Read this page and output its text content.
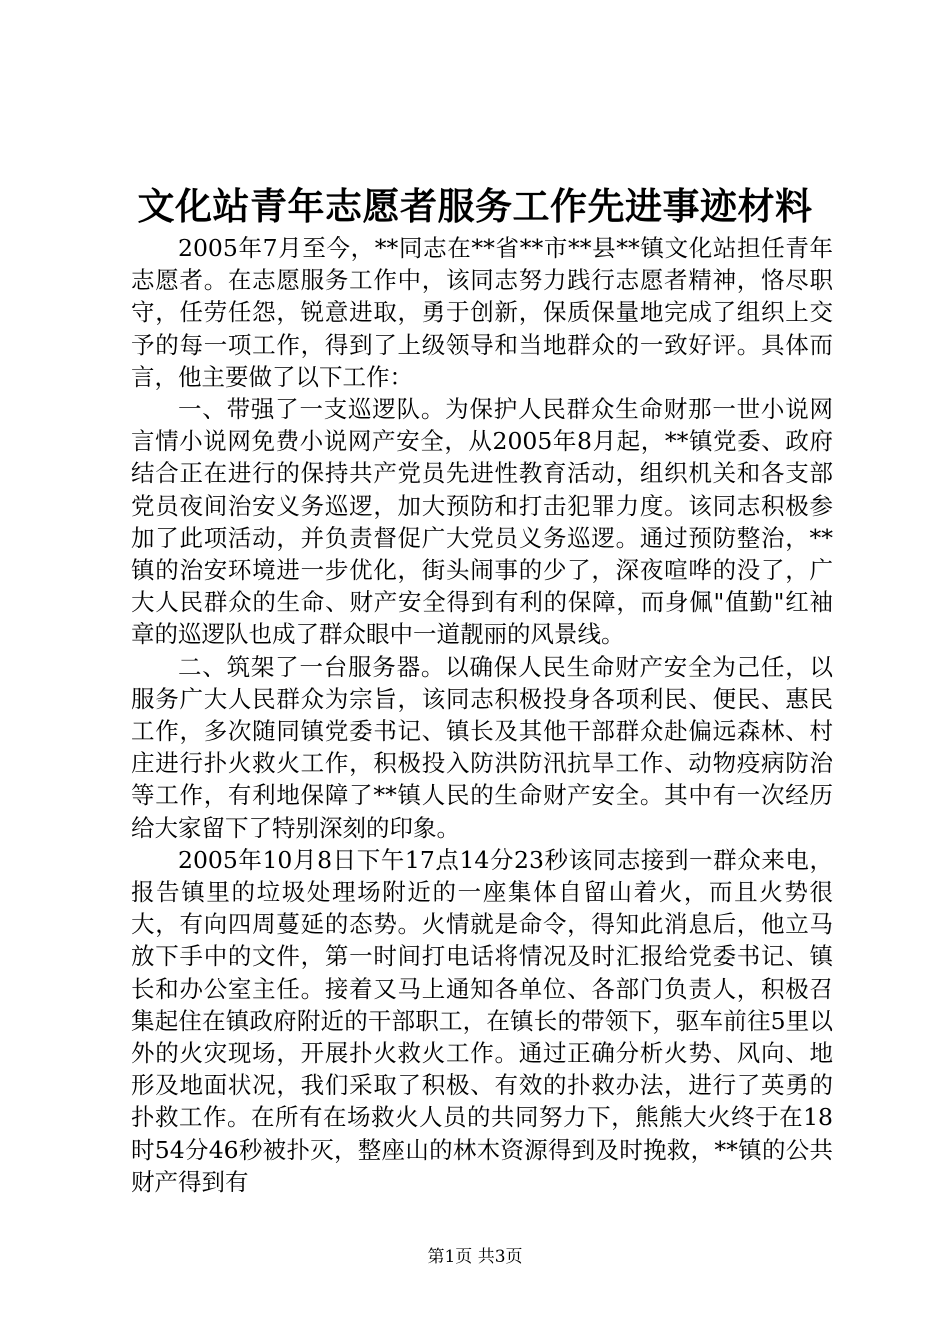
文化站青年志愿者服务工作先进事迹材料

2005年7月至今，**同志在**省**市**县**镇文化站担任青年志愿者。在志愿服务工作中，该同志努力践行志愿者精神，恪尽职守，任劳任怨，锐意进取，勇于创新，保质保量地完成了组织上交予的每一项工作，得到了上级领导和当地群众的一致好评。具体而言，他主要做了以下工作：

一、带强了一支巡逻队。为保护人民群众生命财那一世小说网言情小说网免费小说网产安全，从2005年8月起，**镇党委、政府结合正在进行的保持共产党员先进性教育活动，组织机关和各支部党员夜间治安义务巡逻，加大预防和打击犯罪力度。该同志积极参加了此项活动，并负责督促广大党员义务巡逻。通过预防整治，**镇的治安环境进一步优化，街头闹事的少了，深夜喧哗的没了，广大人民群众的生命、财产安全得到有利的保障，而身佩"值勤"红袖章的巡逻队也成了群众眼中一道靓丽的风景线。

二、筑架了一台服务器。以确保人民生命财产安全为己任，以服务广大人民群众为宗旨，该同志积极投身各项利民、便民、惠民工作，多次随同镇党委书记、镇长及其他干部群众赴偏远森林、村庄进行扑火救火工作，积极投入防洪防汛抗旱工作、动物疫病防治等工作，有利地保障了**镇人民的生命财产安全。其中有一次经历给大家留下了特别深刻的印象。

2005年10月8日下午17点14分23秒该同志接到一群众来电，报告镇里的垃圾处理场附近的一座集体自留山着火，而且火势很大，有向四周蔓延的态势。火情就是命令，得知此消息后，他立马放下手中的文件，第一时间打电话将情况及时汇报给党委书记、镇长和办公室主任。接着又马上通知各单位、各部门负责人，积极召集起住在镇政府附近的干部职工，在镇长的带领下，驱车前往5里以外的火灾现场，开展扑火救火工作。通过正确分析火势、风向、地形及地面状况，我们采取了积极、有效的扑救办法，进行了英勇的扑救工作。在所有在场救火人员的共同努力下，熊熊大火终于在18时54分46秒被扑灭，整座山的林木资源得到及时挽救，**镇的公共财产得到有

第1页 共3页
